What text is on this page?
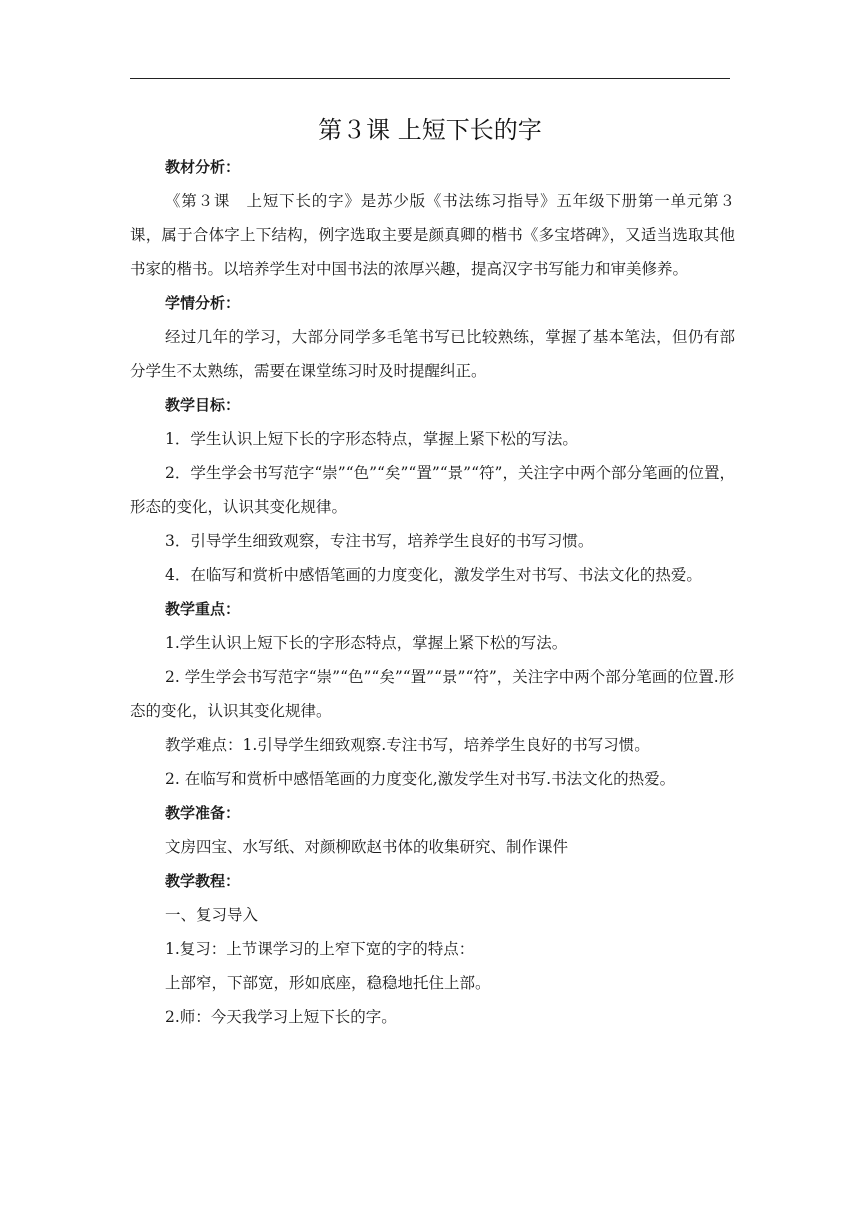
第３课 上短下长的字
教材分析：
《第３课　上短下长的字》是苏少版《书法练习指导》五年级下册第一单元第３课，属于合体字上下结构，例字选取主要是颜真卿的楷书《多宝塔碑》，又适当选取其他书家的楷书。以培养学生对中国书法的浓厚兴趣，提高汉字书写能力和审美修养。
学情分析：
经过几年的学习，大部分同学多毛笔书写已比较熟练，掌握了基本笔法，但仍有部分学生不太熟练，需要在课堂练习时及时提醒纠正。
教学目标：
1．学生认识上短下长的字形态特点，掌握上紧下松的写法。
2．学生学会书写范字“崇”“色”“矣”“置”“景”“符”，关注字中两个部分笔画的位置，形态的变化，认识其变化规律。
3．引导学生细致观察，专注书写，培养学生良好的书写习惯。
4．在临写和赏析中感悟笔画的力度变化，激发学生对书写、书法文化的热爱。
教学重点：
1.学生认识上短下长的字形态特点，掌握上紧下松的写法。
2. 学生学会书写范字“崇”“色”“矣”“置”“景”“符”，关注字中两个部分笔画的位置.形态的变化，认识其变化规律。
教学难点：1.引导学生细致观察.专注书写，培养学生良好的书写习惯。
2. 在临写和赏析中感悟笔画的力度变化,激发学生对书写.书法文化的热爱。
教学准备：
文房四宝、水写纸、对颜柳欧赵书体的收集研究、制作课件
教学教程：
一、复习导入
1.复习：上节课学习的上窄下宽的字的特点：
上部窄，下部宽，形如底座，稳稳地托住上部。
2.师：今天我学习上短下长的字。
